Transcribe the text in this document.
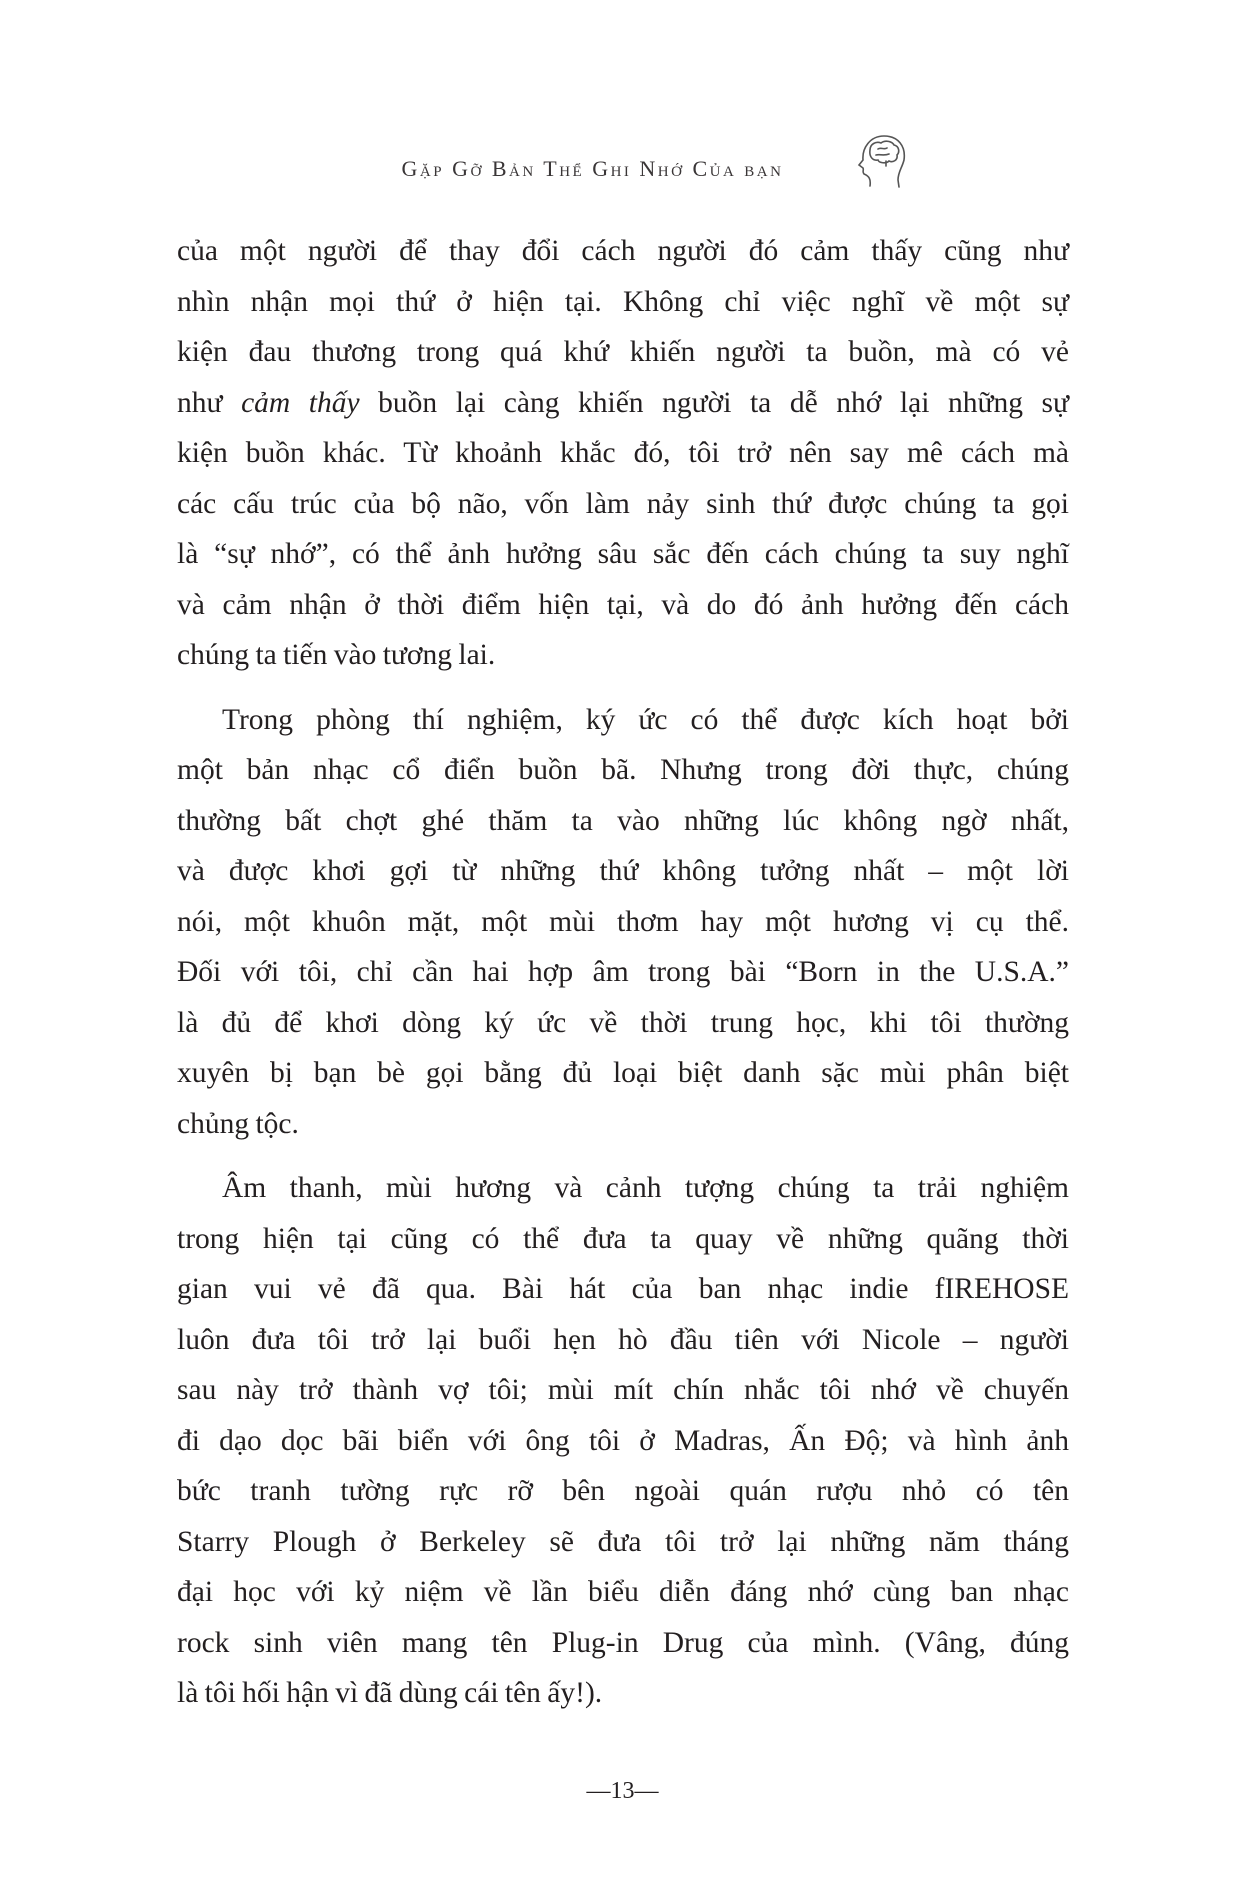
Gặp Gỡ Bản Thể Ghi Nhớ Của bạn
của một người để thay đổi cách người đó cảm thấy cũng như
nhìn nhận mọi thứ ở hiện tại. Không chỉ việc nghĩ về một sự
kiện đau thương trong quá khứ khiến người ta buồn, mà có vẻ
như cảm thấy buồn lại càng khiến người ta dễ nhớ lại những sự
kiện buồn khác. Từ khoảnh khắc đó, tôi trở nên say mê cách mà
các cấu trúc của bộ não, vốn làm nảy sinh thứ được chúng ta gọi
là “sự nhớ”, có thể ảnh hưởng sâu sắc đến cách chúng ta suy nghĩ
và cảm nhận ở thời điểm hiện tại, và do đó ảnh hưởng đến cách
chúng ta tiến vào tương lai.
Trong phòng thí nghiệm, ký ức có thể được kích hoạt bởi
một bản nhạc cổ điển buồn bã. Nhưng trong đời thực, chúng
thường bất chợt ghé thăm ta vào những lúc không ngờ nhất,
và được khơi gợi từ những thứ không tưởng nhất – một lời
nói, một khuôn mặt, một mùi thơm hay một hương vị cụ thể.
Đối với tôi, chỉ cần hai hợp âm trong bài “Born in the U.S.A.”
là đủ để khơi dòng ký ức về thời trung học, khi tôi thường
xuyên bị bạn bè gọi bằng đủ loại biệt danh sặc mùi phân biệt
chủng tộc.
Âm thanh, mùi hương và cảnh tượng chúng ta trải nghiệm
trong hiện tại cũng có thể đưa ta quay về những quãng thời
gian vui vẻ đã qua. Bài hát của ban nhạc indie fIREHOSE
luôn đưa tôi trở lại buổi hẹn hò đầu tiên với Nicole – người
sau này trở thành vợ tôi; mùi mít chín nhắc tôi nhớ về chuyến
đi dạo dọc bãi biển với ông tôi ở Madras, Ấn Độ; và hình ảnh
bức tranh tường rực rỡ bên ngoài quán rượu nhỏ có tên
Starry Plough ở Berkeley sẽ đưa tôi trở lại những năm tháng
đại học với kỷ niệm về lần biểu diễn đáng nhớ cùng ban nhạc
rock sinh viên mang tên Plug-in Drug của mình. (Vâng, đúng
là tôi hối hận vì đã dùng cái tên ấy!).
—13—
